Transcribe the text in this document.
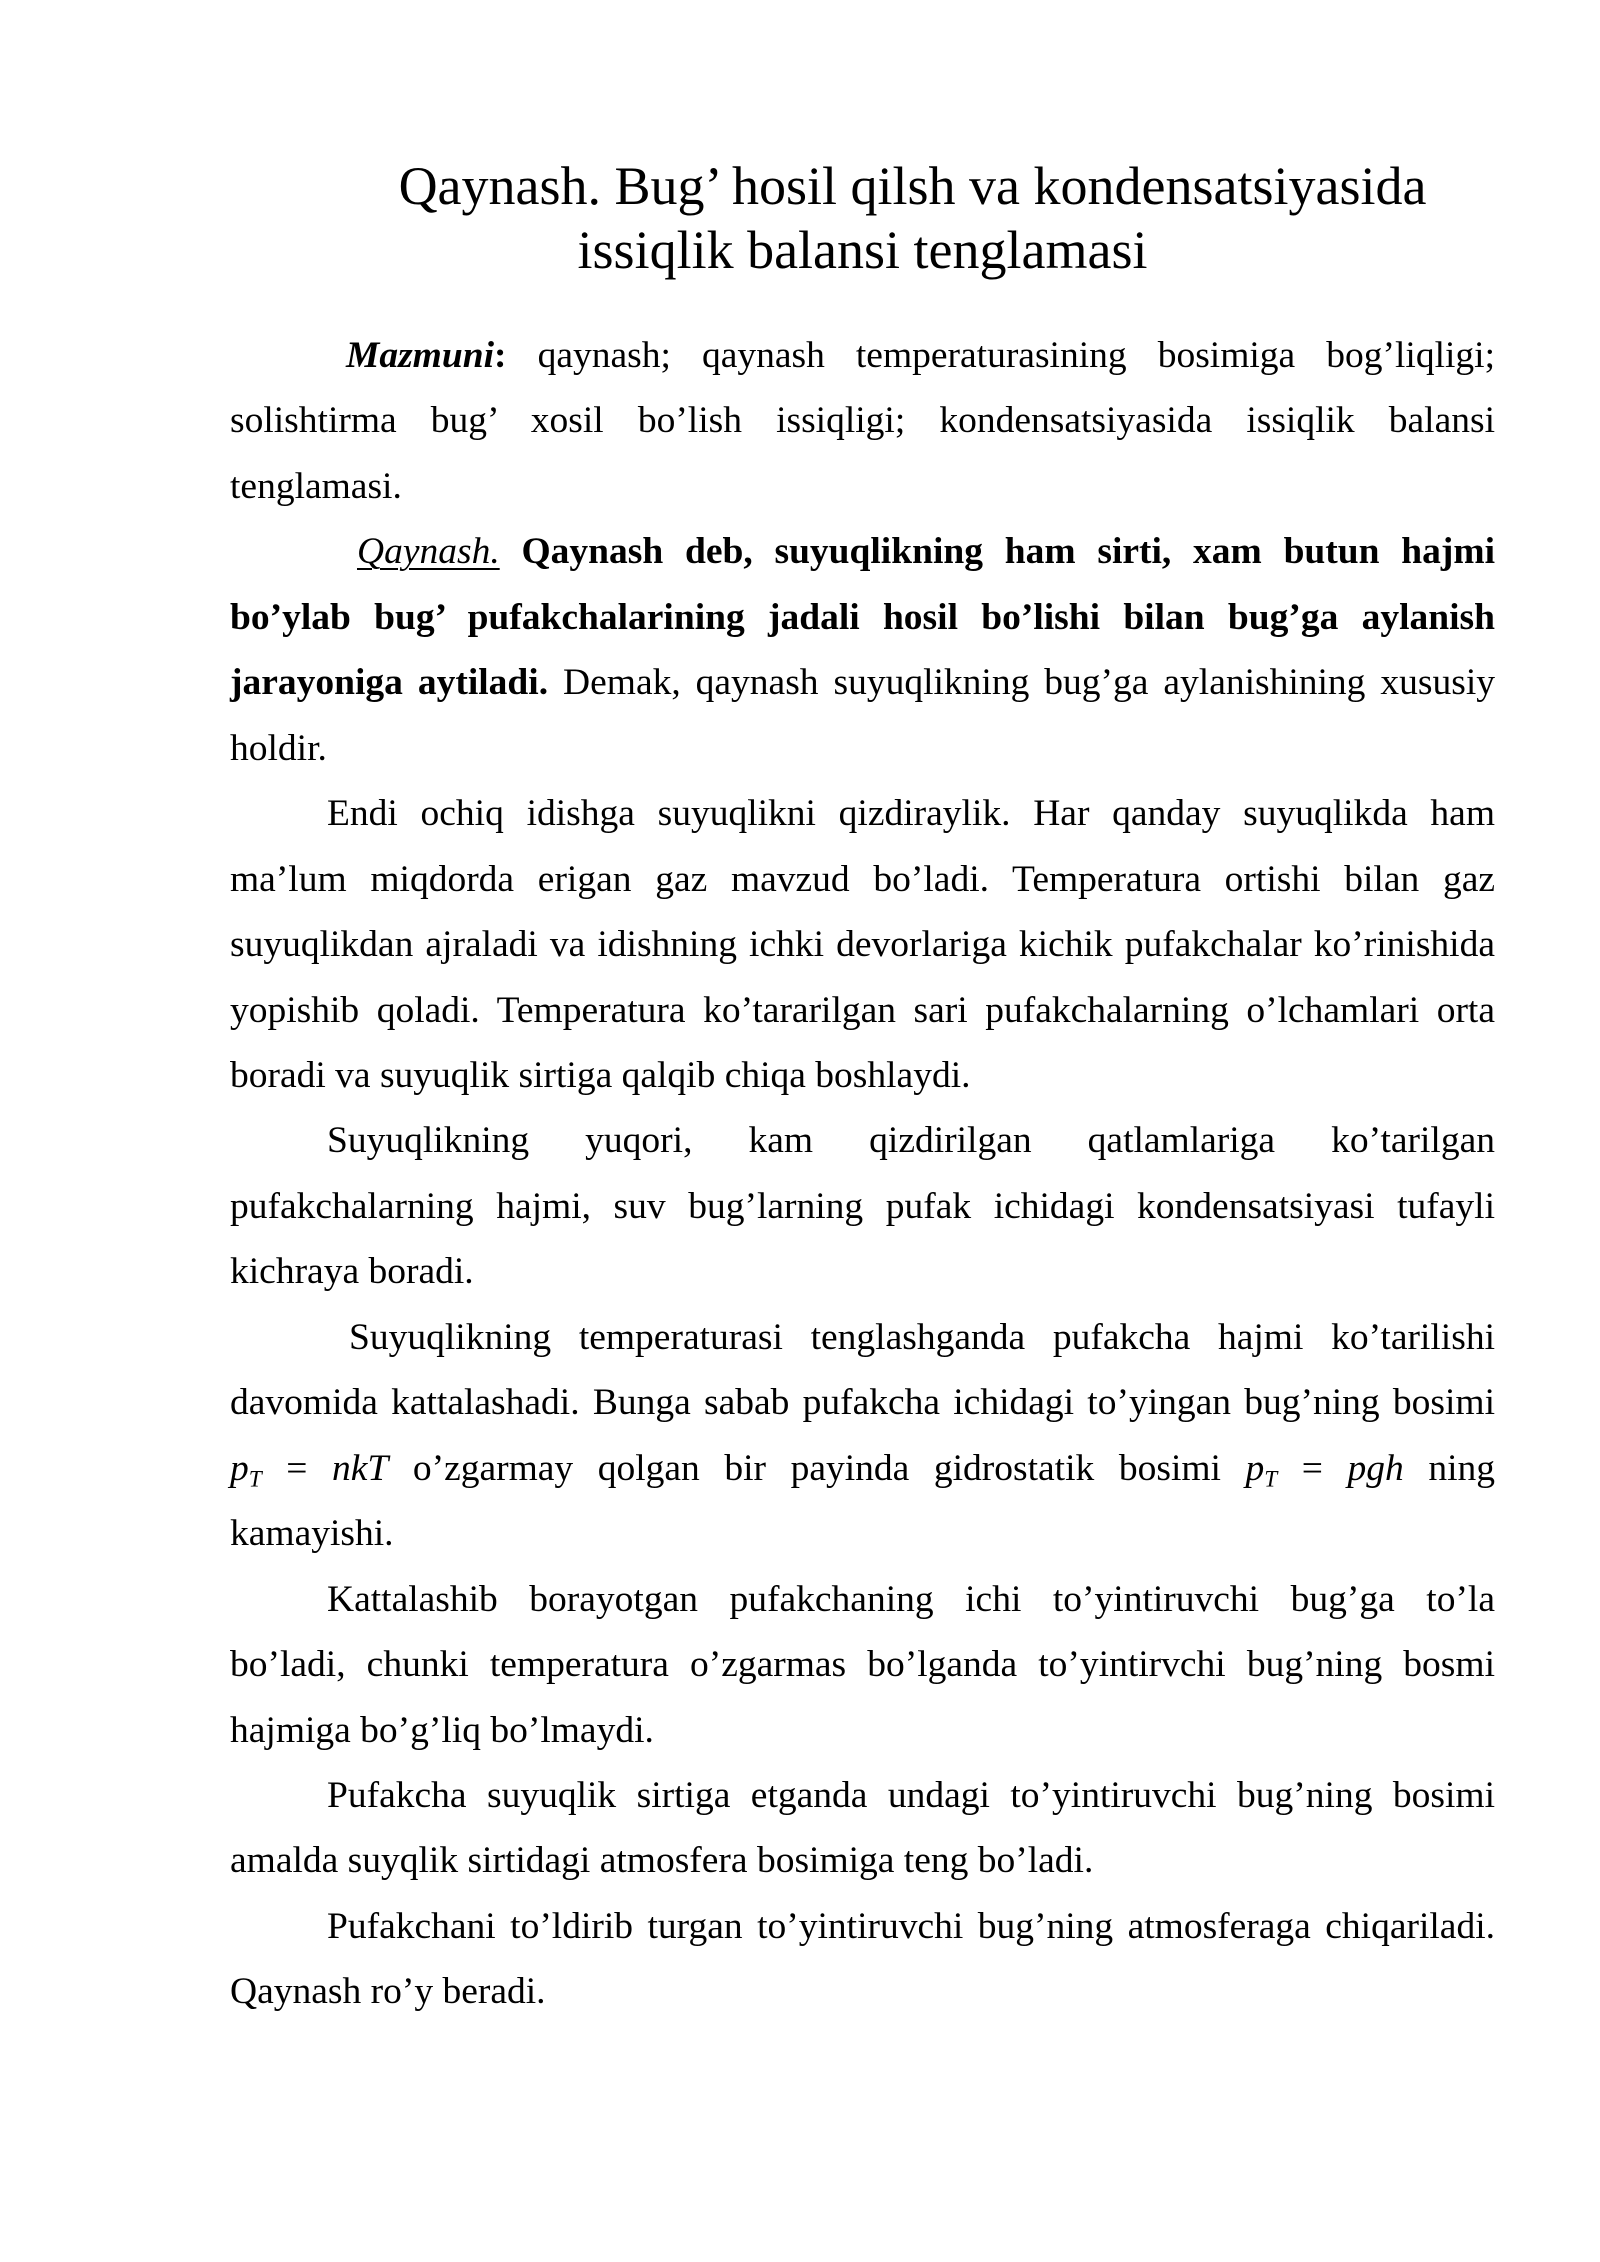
Qaynash. Bug’ hosil qilsh va kondensatsiyasida
issiqlik balansi tenglamasi
Mazmuni: qaynash; qaynash temperaturasining bosimiga bog’liqligi;
solishtirma bug’ xosil bo’lish issiqligi; kondensatsiyasida issiqlik balansi
tenglamasi.
Qaynash. Qaynash deb, suyuqlikning ham sirti, xam butun hajmi
bo’ylab bug’ pufakchalarining jadali hosil bo’lishi bilan bug’ga aylanish
jarayoniga aytiladi. Demak, qaynash suyuqlikning bug’ga aylanishining xususiy
holdir.
Endi ochiq idishga suyuqlikni qizdiraylik. Har qanday suyuqlikda ham
ma’lum miqdorda erigan gaz mavzud bo’ladi. Temperatura ortishi bilan gaz
suyuqlikdan ajraladi va idishning ichki devorlariga kichik pufakchalar ko’rinishida
yopishib qoladi. Temperatura ko’tararilgan sari pufakchalarning o’lchamlari orta
boradi va suyuqlik sirtiga qalqib chiqa boshlaydi.
Suyuqlikning yuqori, kam qizdirilgan qatlamlariga ko’tarilgan
pufakchalarning hajmi, suv bug’larning pufak ichidagi kondensatsiyasi tufayli
kichraya boradi.
Suyuqlikning temperaturasi tenglashganda pufakcha hajmi ko’tarilishi
davomida kattalashadi. Bunga sabab pufakcha ichidagi to’yingan bug’ning bosimi
$p_T$ = nkT o’zgarmay qolgan bir payinda gidrostatik bosimi $p_T$ = pgh ning
kamayishi.
Kattalashib borayotgan pufakchaning ichi to’yintiruvchi bug’ga to’la
bo’ladi, chunki temperatura o’zgarmas bo’lganda to’yintirvchi bug’ning bosmi
hajmiga bo’g’liq bo’lmaydi.
Pufakcha suyuqlik sirtiga etganda undagi to’yintiruvchi bug’ning bosimi
amalda suyqlik sirtidagi atmosfera bosimiga teng bo’ladi.
Pufakchani to’ldirib turgan to’yintiruvchi bug’ning atmosferaga chiqariladi.
Qaynash ro’y beradi.
